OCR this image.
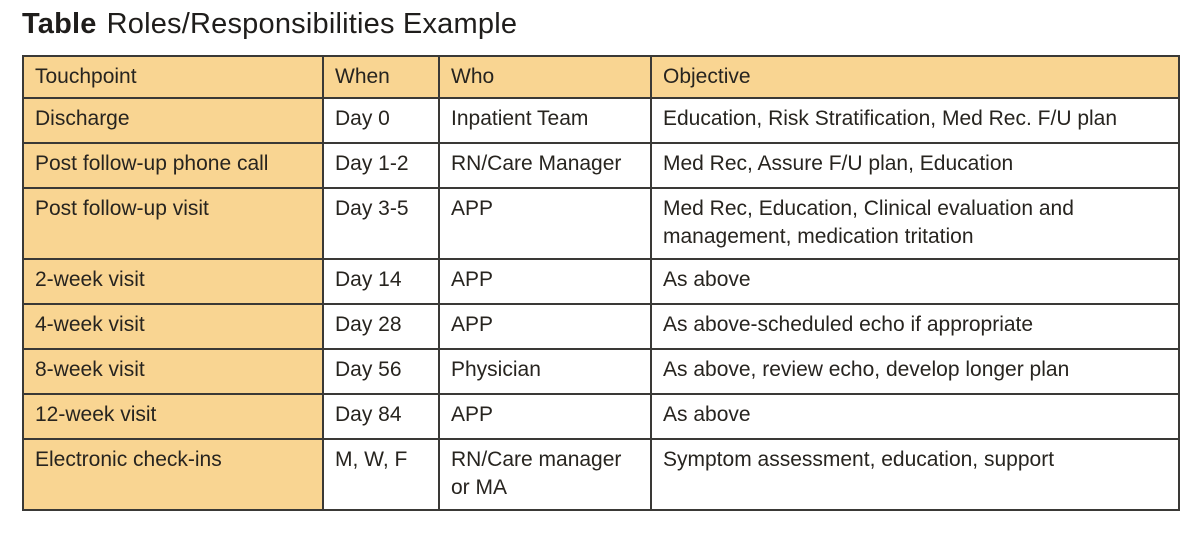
Table Roles/Responsibilities Example
Touchpoint	When	Who	Objective
Discharge	Day 0	Inpatient Team	Education, Risk Stratification, Med Rec. F/U plan
Post follow-up phone call	Day 1-2	RN/Care Manager	Med Rec, Assure F/U plan, Education
Post follow-up visit	Day 3-5	APP	Med Rec, Education, Clinical evaluation and management, medication tritation
2-week visit	Day 14	APP	As above
4-week visit	Day 28	APP	As above-scheduled echo if appropriate
8-week visit	Day 56	Physician	As above, review echo, develop longer plan
12-week visit	Day 84	APP	As above
Electronic check-ins	M, W, F	RN/Care manager or MA	Symptom assessment, education, support
